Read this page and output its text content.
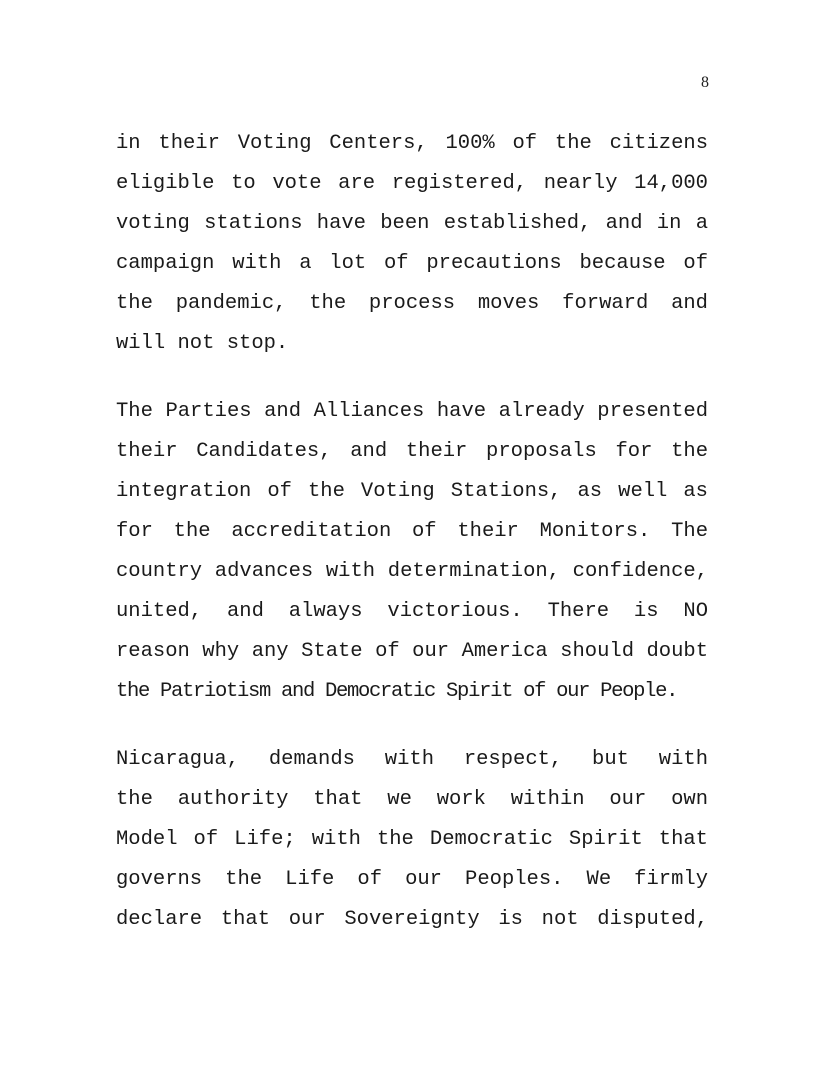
8
in their Voting Centers, 100% of the citizens
eligible to vote are registered, nearly 14,000
voting stations have been established, and in a
campaign with a lot of precautions because of
the pandemic, the process moves forward and
will not stop.
The Parties and Alliances have already presented
their Candidates, and their proposals for the
integration of the Voting Stations, as well as
for the accreditation of their Monitors. The
country advances with determination, confidence,
united, and always victorious. There is NO
reason why any State of our America should doubt
the Patriotism and Democratic Spirit of our People.
Nicaragua, demands with respect, but with
the authority that we work within our own
Model of Life; with the Democratic Spirit that
governs the Life of our Peoples. We firmly
declare that our Sovereignty is not disputed,
